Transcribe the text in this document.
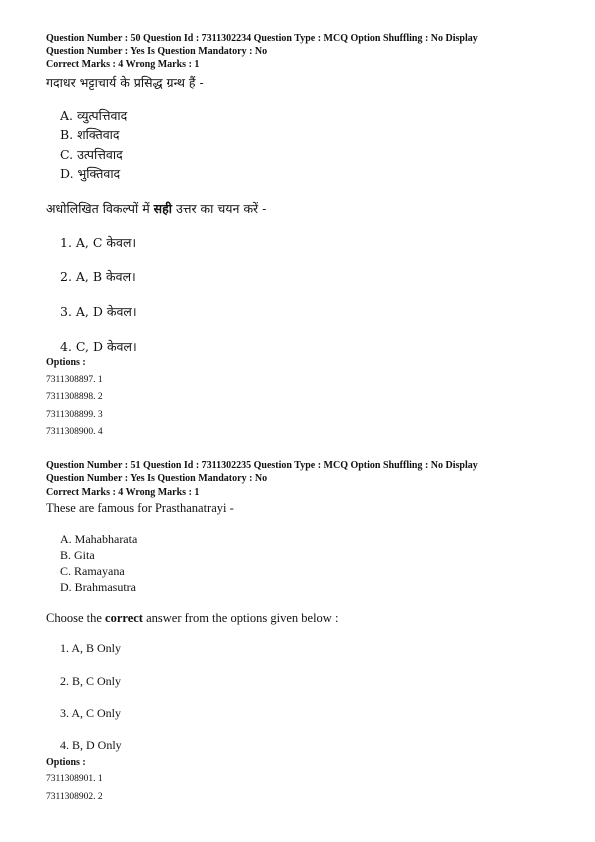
Question Number : 50 Question Id : 7311302234 Question Type : MCQ Option Shuffling : No Display
Question Number : Yes Is Question Mandatory : No
Correct Marks : 4 Wrong Marks : 1
गदाधर भट्टाचार्य के प्रसिद्ध ग्रन्थ हैं -
A. व्युत्पत्तिवाद
B. शक्तिवाद
C. उत्पत्तिवाद
D. भुक्तिवाद
अधोलिखित विकल्पों में सही उत्तर का चयन करें -
1. A, C केवल।
2. A, B केवल।
3. A, D केवल।
4. C, D केवल।
Options :
7311308897. 1
7311308898. 2
7311308899. 3
7311308900. 4
Question Number : 51 Question Id : 7311302235 Question Type : MCQ Option Shuffling : No Display
Question Number : Yes Is Question Mandatory : No
Correct Marks : 4 Wrong Marks : 1
These are famous for Prasthanatrayi -
A. Mahabharata
B. Gita
C. Ramayana
D. Brahmasutra
Choose the correct answer from the options given below :
1. A, B Only
2. B, C Only
3. A, C Only
4. B, D Only
Options :
7311308901. 1
7311308902. 2
